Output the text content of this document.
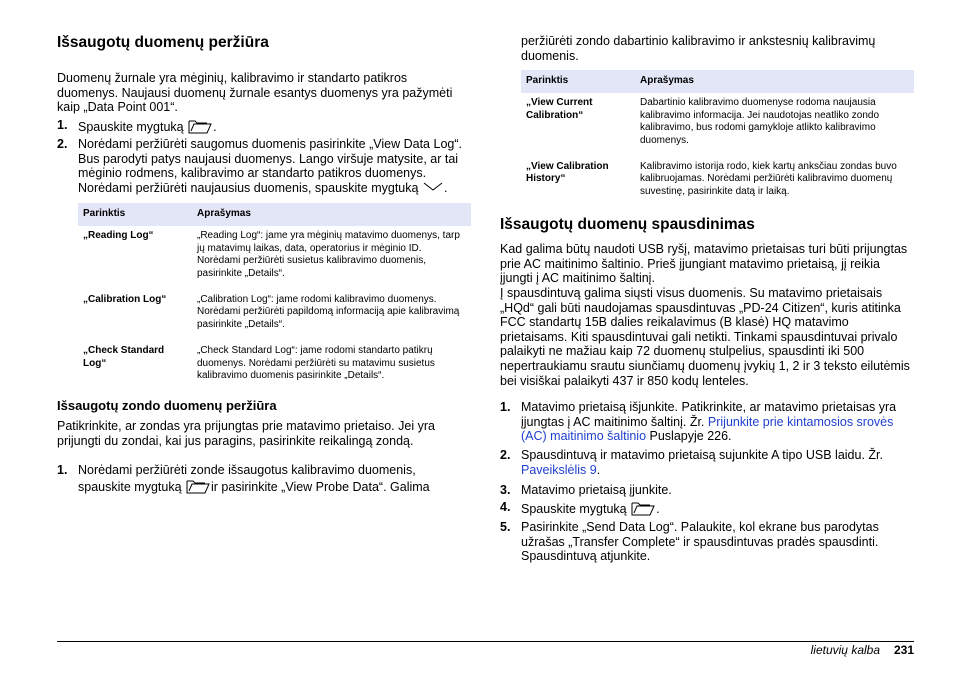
Išsaugotų duomenų peržiūra

Duomenų žurnale yra mėginių, kalibravimo ir standarto patikros duomenys. Naujausi duomenų žurnale esantys duomenys yra pažymėti kaip „Data Point 001“.

1. Spauskite mygtuką .
2. Norėdami peržiūrėti saugomus duomenis pasirinkite „View Data Log“. Bus parodyti patys naujausi duomenys. Lango viršuje matysite, ar tai mėginio rodmens, kalibravimo ar standarto patikros duomenys. Norėdami peržiūrėti naujausius duomenis, spauskite mygtuką .
Parinktis	Aprašymas
„Reading Log“	„Reading Log“: jame yra mėginių matavimo duomenys, tarp jų matavimų laikas, data, operatorius ir mėginio ID. Norėdami peržiūrėti susietus kalibravimo duomenis, pasirinkite „Details“.
„Calibration Log“	„Calibration Log“: jame rodomi kalibravimo duomenys. Norėdami peržiūrėti papildomą informaciją apie kalibravimą pasirinkite „Details“.
„Check Standard Log“	„Check Standard Log“: jame rodomi standarto patikrų duomenys. Norėdami peržiūrėti su matavimu susietus kalibravimo duomenis pasirinkite „Details“.
Išsaugotų zondo duomenų peržiūra

Patikrinkite, ar zondas yra prijungtas prie matavimo prietaiso. Jei yra prijungti du zondai, kai jus paragins, pasirinkite reikalingą zondą.

1. Norėdami peržiūrėti zonde išsaugotus kalibravimo duomenis, spauskite mygtuką ir pasirinkite „View Probe Data“. Galima

peržiūrėti zondo dabartinio kalibravimo ir ankstesnių kalibravimų duomenis.

Parinktis	Aprašymas
„View Current Calibration“	Dabartinio kalibravimo duomenyse rodoma naujausia kalibravimo informacija. Jei naudotojas neatliko zondo kalibravimo, bus rodomi gamykloje atlikto kalibravimo duomenys.
„View Calibration History“	Kalibravimo istorija rodo, kiek kartų anksčiau zondas buvo kalibruojamas. Norėdami peržiūrėti kalibravimo duomenų suvestinę, pasirinkite datą ir laiką.
Išsaugotų duomenų spausdinimas

Kad galima būtų naudoti USB ryšį, matavimo prietaisas turi būti prijungtas prie AC maitinimo šaltinio. Prieš įjungiant matavimo prietaisą, jį reikia įjungti į AC maitinimo šaltinį.

Į spausdintuvą galima siųsti visus duomenis. Su matavimo prietaisais „HQd“ gali būti naudojamas spausdintuvas „PD-24 Citizen“, kuris atitinka FCC standartų 15B dalies reikalavimus (B klasė) HQ matavimo prietaisams. Kiti spausdintuvai gali netikti. Tinkami spausdintuvai privalo palaikyti ne mažiau kaip 72 duomenų stulpelius, spausdinti iki 500 nepertraukiamu srautu siunčiamų duomenų įvykių 1, 2 ir 3 teksto eilutėmis bei visiškai palaikyti 437 ir 850 kodų lenteles.

1. Matavimo prietaisą išjunkite. Patikrinkite, ar matavimo prietaisas yra įjungtas į AC maitinimo šaltinį. Žr. Prijunkite prie kintamosios srovės (AC) maitinimo šaltinio Puslapyje 226.
2. Spausdintuvą ir matavimo prietaisą sujunkite A tipo USB laidu. Žr. Paveikslėlis 9.
3. Matavimo prietaisą įjunkite.
4. Spauskite mygtuką .
5. Pasirinkite „Send Data Log“. Palaukite, kol ekrane bus parodytas užrašas „Transfer Complete“ ir spausdintuvas pradės spausdinti. Spausdintuvą atjunkite.
lietuvių kalba 231
